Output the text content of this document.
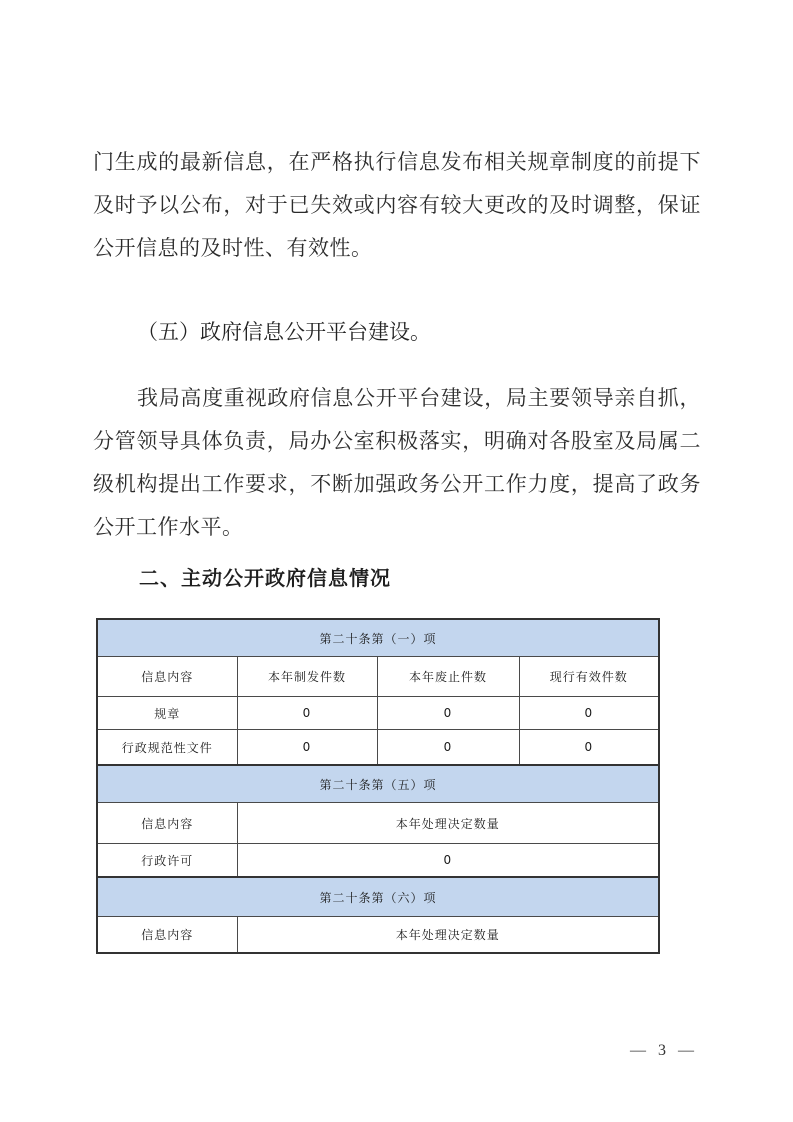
门生成的最新信息，在严格执行信息发布相关规章制度的前提下及时予以公布，对于已失效或内容有较大更改的及时调整，保证公开信息的及时性、有效性。
（五）政府信息公开平台建设。
我局高度重视政府信息公开平台建设，局主要领导亲自抓，分管领导具体负责，局办公室积极落实，明确对各股室及局属二级机构提出工作要求，不断加强政务公开工作力度，提高了政务公开工作水平。
二、主动公开政府信息情况
第二十条第（一）项			
信息内容	本年制发件数	本年废止件数	现行有效件数
规章	0	0	0
行政规范性文件	0	0	0
第二十条第（五）项			
信息内容	本年处理决定数量		
行政许可	0		
第二十条第（六）项			
信息内容	本年处理决定数量		
— 3 —
